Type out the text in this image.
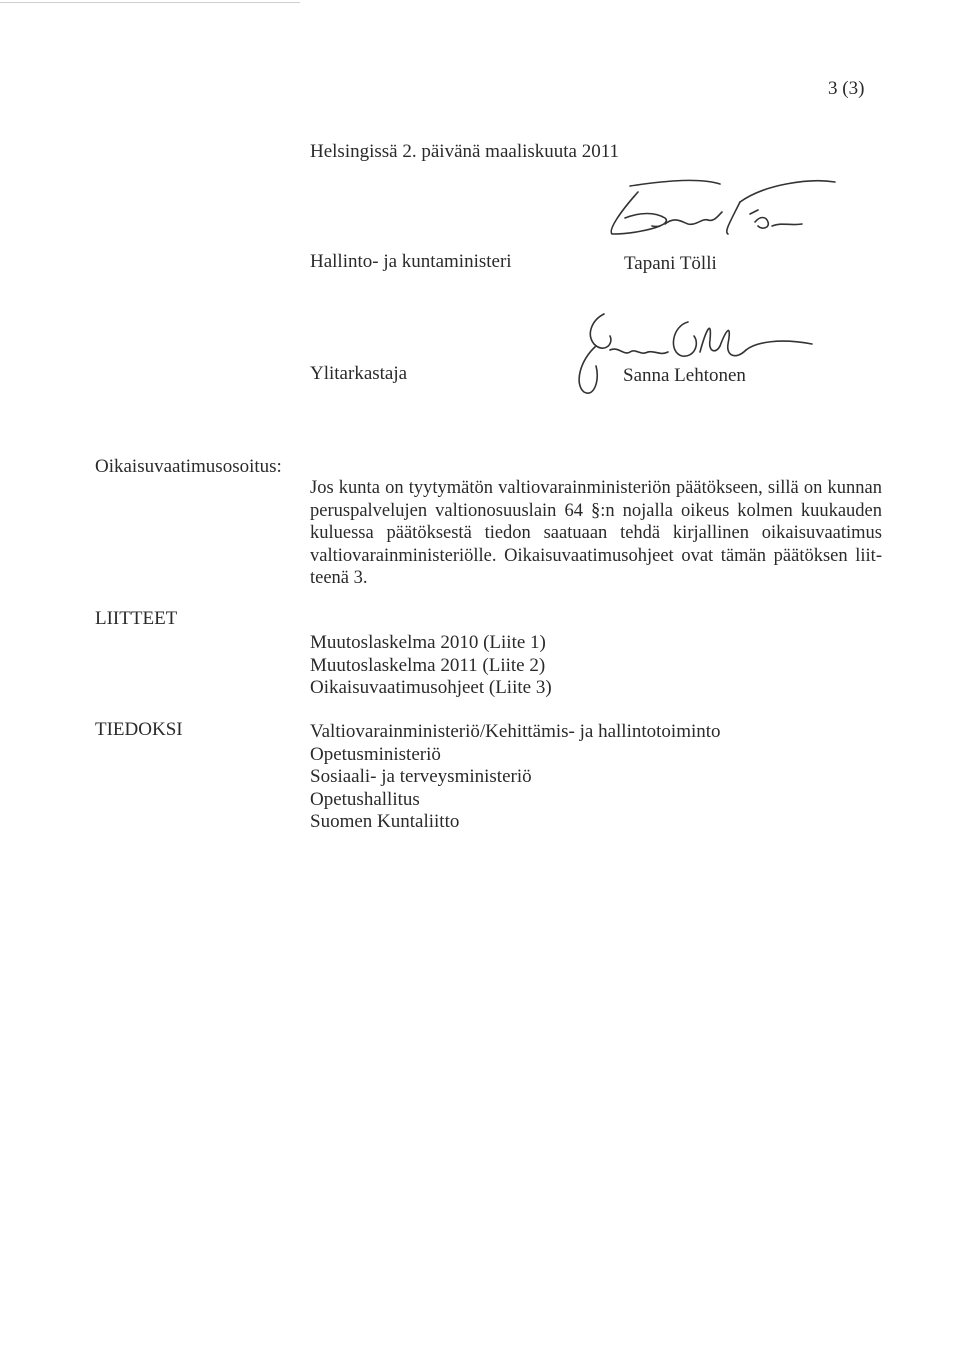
3 (3)
Helsingissä 2. päivänä maaliskuuta 2011
Hallinto- ja kuntaministeri	Tapani Tölli
Ylitarkastaja	Sanna Lehtonen
Oikaisuvaatimusosoitus:
Jos kunta on tyytymätön valtiovarainministeriön päätökseen, sillä on kunnan peruspalvelujen valtionosuuslain 64 §:n nojalla oikeus kolmen kuukauden kuluessa päätöksestä tiedon saatuaan tehdä kirjallinen oikaisuvaatimus valtiovarainministeriölle. Oikaisuvaatimusohjeet ovat tämän päätöksen liitteenä 3.
LIITTEET
Muutoslaskelma 2010 (Liite 1)
Muutoslaskelma 2011 (Liite 2)
Oikaisuvaatimusohjeet (Liite 3)
TIEDOKSI	Valtiovarainministeriö/Kehittämis- ja hallintotoiminto
Opetusministeriö
Sosiaali- ja terveysministeriö
Opetushallitus
Suomen Kuntaliitto
